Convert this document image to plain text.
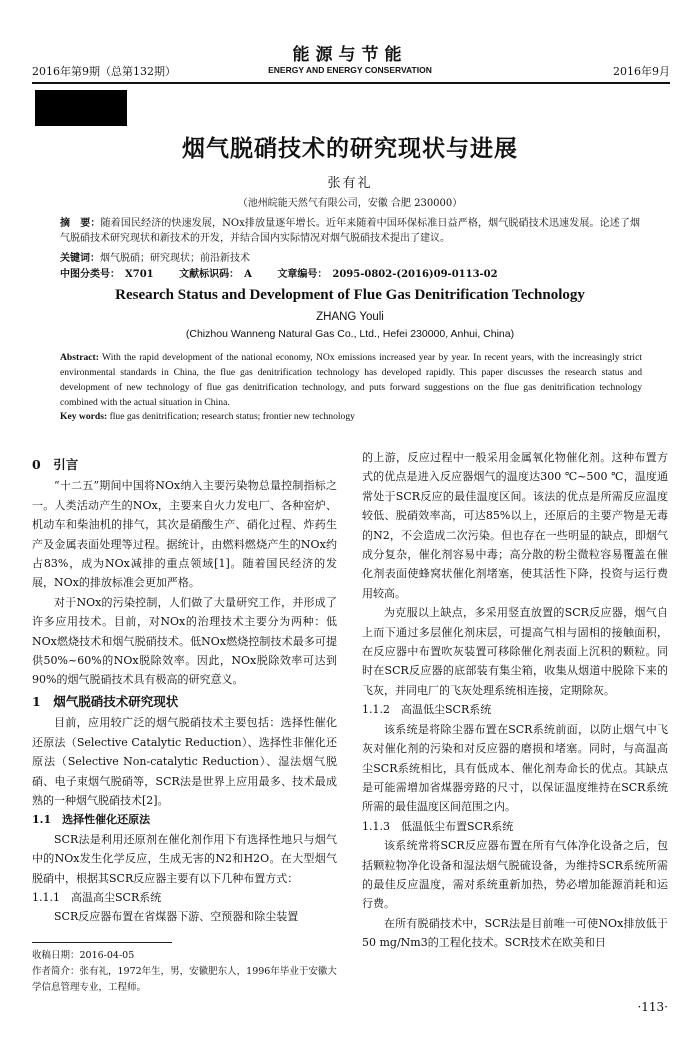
2016年第9期（总第132期）
能源与节能
ENERGY AND ENERGY CONSERVATION	2016年9月
烟气脱硝技术的研究现状与进展
张有礼
（池州皖能天然气有限公司，安徽 合肥 230000）
摘　要：随着国民经济的快速发展，NOx排放量逐年增长。近年来随着中国环保标准日益严格，烟气脱硝技术迅速发展。论述了烟气脱硝技术研究现状和新技术的开发，并结合国内实际情况对烟气脱硝技术提出了建议。
关键词：烟气脱硝；研究现状；前沿新技术
中图分类号：　X701	文献标识码：　A	文章编号：　2095-0802-(2016)09-0113-02
Research Status and Development of Flue Gas Denitrification Technology
ZHANG Youli
(Chizhou Wanneng Natural Gas Co., Ltd., Hefei 230000, Anhui, China)
Abstract: With the rapid development of the national economy, NOx emissions increased year by year. In recent years, with the increasingly strict environmental standards in China, the flue gas denitrification technology has developed rapidly. This paper discusses the research status and development of new technology of flue gas denitrification technology, and puts forward suggestions on the flue gas denitrification technology combined with the actual situation in China.
Key words: flue gas denitrification; research status; frontier new technology

0　引言

“十二五”期间中国将NOx纳入主要污染物总量控制指标之一。人类活动产生的NOx，主要来自火力发电厂、各种窑炉、机动车和柴油机的排气，其次是硝酸生产、硝化过程、炸药生产及金属表面处理等过程。据统计，由燃料燃烧产生的NOx约占83%，成为NOx减排的重点领域[1]。随着国民经济的发展，NOx的排放标准会更加严格。

对于NOx的污染控制，人们做了大量研究工作，并形成了许多应用技术。目前，对NOx的治理技术主要分为两种：低NOx燃烧技术和烟气脱硝技术。低NOx燃烧控制技术最多可提供50%~60%的NOx脱除效率。因此，NOx脱除效率可达到90%的烟气脱硝技术具有极高的研究意义。

1　烟气脱硝技术研究现状

目前，应用较广泛的烟气脱硝技术主要包括：选择性催化还原法（Selective Catalytic Reduction）、选择性非催化还原法（Selective Non-catalytic Reduction）、湿法烟气脱硝、电子束烟气脱硝等，SCR法是世界上应用最多、技术最成熟的一种烟气脱硝技术[2]。

1.1　选择性催化还原法

SCR法是利用还原剂在催化剂作用下有选择性地只与烟气中的NOx发生化学反应，生成无害的N2和H2O。在大型烟气脱硝中，根据其SCR反应器主要有以下几种布置方式：

1.1.1　高温高尘SCR系统

SCR反应器布置在省煤器下游、空预器和除尘装置

的上游，反应过程中一般采用金属氧化物催化剂。这种布置方式的优点是进入反应器烟气的温度达300 ℃~500 ℃，温度通常处于SCR反应的最佳温度区间。该法的优点是所需反应温度较低、脱硝效率高，可达85%以上，还原后的主要产物是无毒的N2，不会造成二次污染。但也存在一些明显的缺点，即烟气成分复杂，催化剂容易中毒；高分散的粉尘微粒容易覆盖在催化剂表面使蜂窝状催化剂堵塞，使其活性下降，投资与运行费用较高。

为克服以上缺点，多采用竖直放置的SCR反应器，烟气自上而下通过多层催化剂床层，可提高气相与固相的接触面积，在反应器中布置吹灰装置可移除催化剂表面上沉积的颗粒。同时在SCR反应器的底部装有集尘箱，收集从烟道中脱除下来的飞灰，并同电厂的飞灰处理系统相连接，定期除灰。

1.1.2　高温低尘SCR系统

该系统是将除尘器布置在SCR系统前面，以防止烟气中飞灰对催化剂的污染和对反应器的磨损和堵塞。同时，与高温高尘SCR系统相比，具有低成本、催化剂寿命长的优点。其缺点是可能需增加省煤器旁路的尺寸，以保证温度维持在SCR系统所需的最佳温度区间范围之内。

1.1.3　低温低尘布置SCR系统

该系统常将SCR反应器布置在所有气体净化设备之后，包括颗粒物净化设备和湿法烟气脱硫设备，为维持SCR系统所需的最佳反应温度，需对系统重新加热，势必增加能源消耗和运行费。

在所有脱硝技术中，SCR法是目前唯一可使NOx排放低于50 mg/Nm3的工程化技术。SCR技术在欧美和日

收稿日期：2016-04-05
作者简介：张有礼，1972年生，男，安徽肥东人，1996年毕业于安徽大学信息管理专业，工程师。
·113·
